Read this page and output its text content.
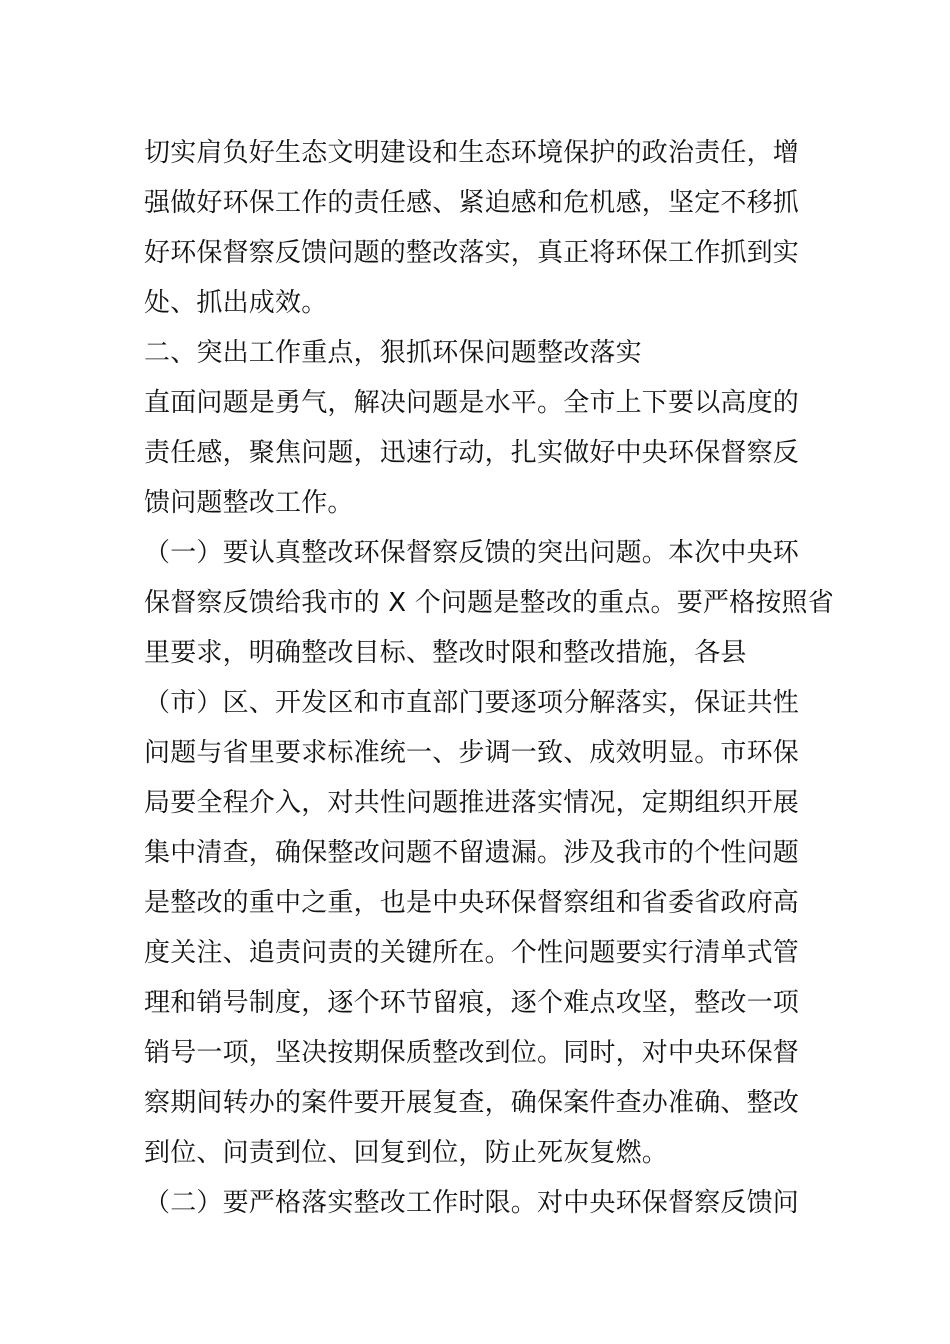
切实肩负好生态文明建设和生态环境保护的政治责任，增
强做好环保工作的责任感、紧迫感和危机感，坚定不移抓
好环保督察反馈问题的整改落实，真正将环保工作抓到实
处、抓出成效。
二、突出工作重点，狠抓环保问题整改落实
直面问题是勇气，解决问题是水平。全市上下要以高度的
责任感，聚焦问题，迅速行动，扎实做好中央环保督察反
馈问题整改工作。
（一）要认真整改环保督察反馈的突出问题。本次中央环
保督察反馈给我市的 X 个问题是整改的重点。要严格按照省
里要求，明确整改目标、整改时限和整改措施，各县
（市）区、开发区和市直部门要逐项分解落实，保证共性
问题与省里要求标准统一、步调一致、成效明显。市环保
局要全程介入，对共性问题推进落实情况，定期组织开展
集中清查，确保整改问题不留遗漏。涉及我市的个性问题
是整改的重中之重，也是中央环保督察组和省委省政府高
度关注、追责问责的关键所在。个性问题要实行清单式管
理和销号制度，逐个环节留痕，逐个难点攻坚，整改一项
销号一项，坚决按期保质整改到位。同时，对中央环保督
察期间转办的案件要开展复查，确保案件查办准确、整改
到位、问责到位、回复到位，防止死灰复燃。
（二）要严格落实整改工作时限。对中央环保督察反馈问
